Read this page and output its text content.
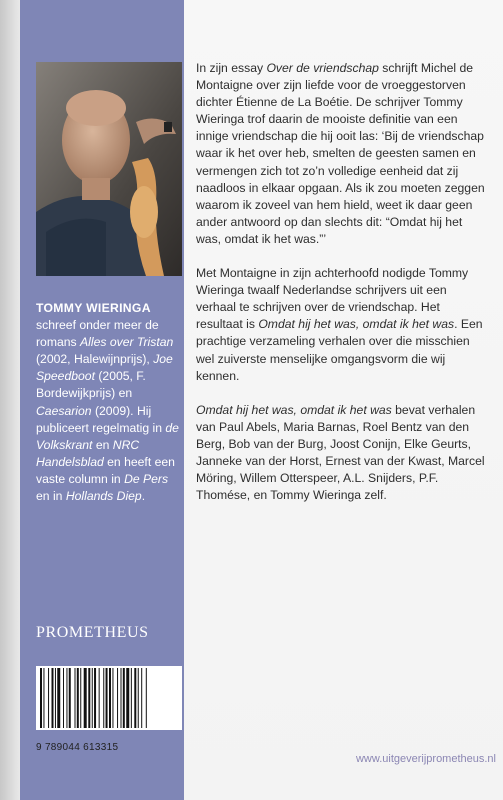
TOMMY WIERINGA
schreef onder meer de romans Alles over Tristan (2002, Halewijnprijs), Joe Speedboot (2005, F. Bordewijkprijs) en Caesarion (2009). Hij publiceert regelmatig in de Volkskrant en NRC Handelsblad en heeft een vaste column in De Pers en in Hollands Diep.
PROMETHEUS
9 789044 613315

In zijn essay Over de vriendschap schrijft Michel de Montaigne over zijn liefde voor de vroeggestorven dichter Étienne de La Boétie. De schrijver Tommy Wieringa trof daarin de mooiste definitie van een innige vriendschap die hij ooit las: ‘Bij de vriendschap waar ik het over heb, smelten de geesten samen en vermengen zich tot zo’n volledige eenheid dat zij naadloos in elkaar opgaan. Als ik zou moeten zeggen waarom ik zoveel van hem hield, weet ik daar geen ander antwoord op dan slechts dit: “Omdat hij het was, omdat ik het was.”’

Met Montaigne in zijn achterhoofd nodigde Tommy Wieringa twaalf Nederlandse schrijvers uit een verhaal te schrijven over de vriendschap. Het resultaat is Omdat hij het was, omdat ik het was. Een prachtige verzameling verhalen over die misschien wel zuiverste menselijke omgangsvorm die wij kennen.

Omdat hij het was, omdat ik het was bevat verhalen van Paul Abels, Maria Barnas, Roel Bentz van den Berg, Bob van der Burg, Joost Conijn, Elke Geurts, Janneke van der Horst, Ernest van der Kwast, Marcel Möring, Willem Otterspeer, A.L. Snijders, P.F. Thomése, en Tommy Wieringa zelf.

www.uitgeverijprometheus.nl
